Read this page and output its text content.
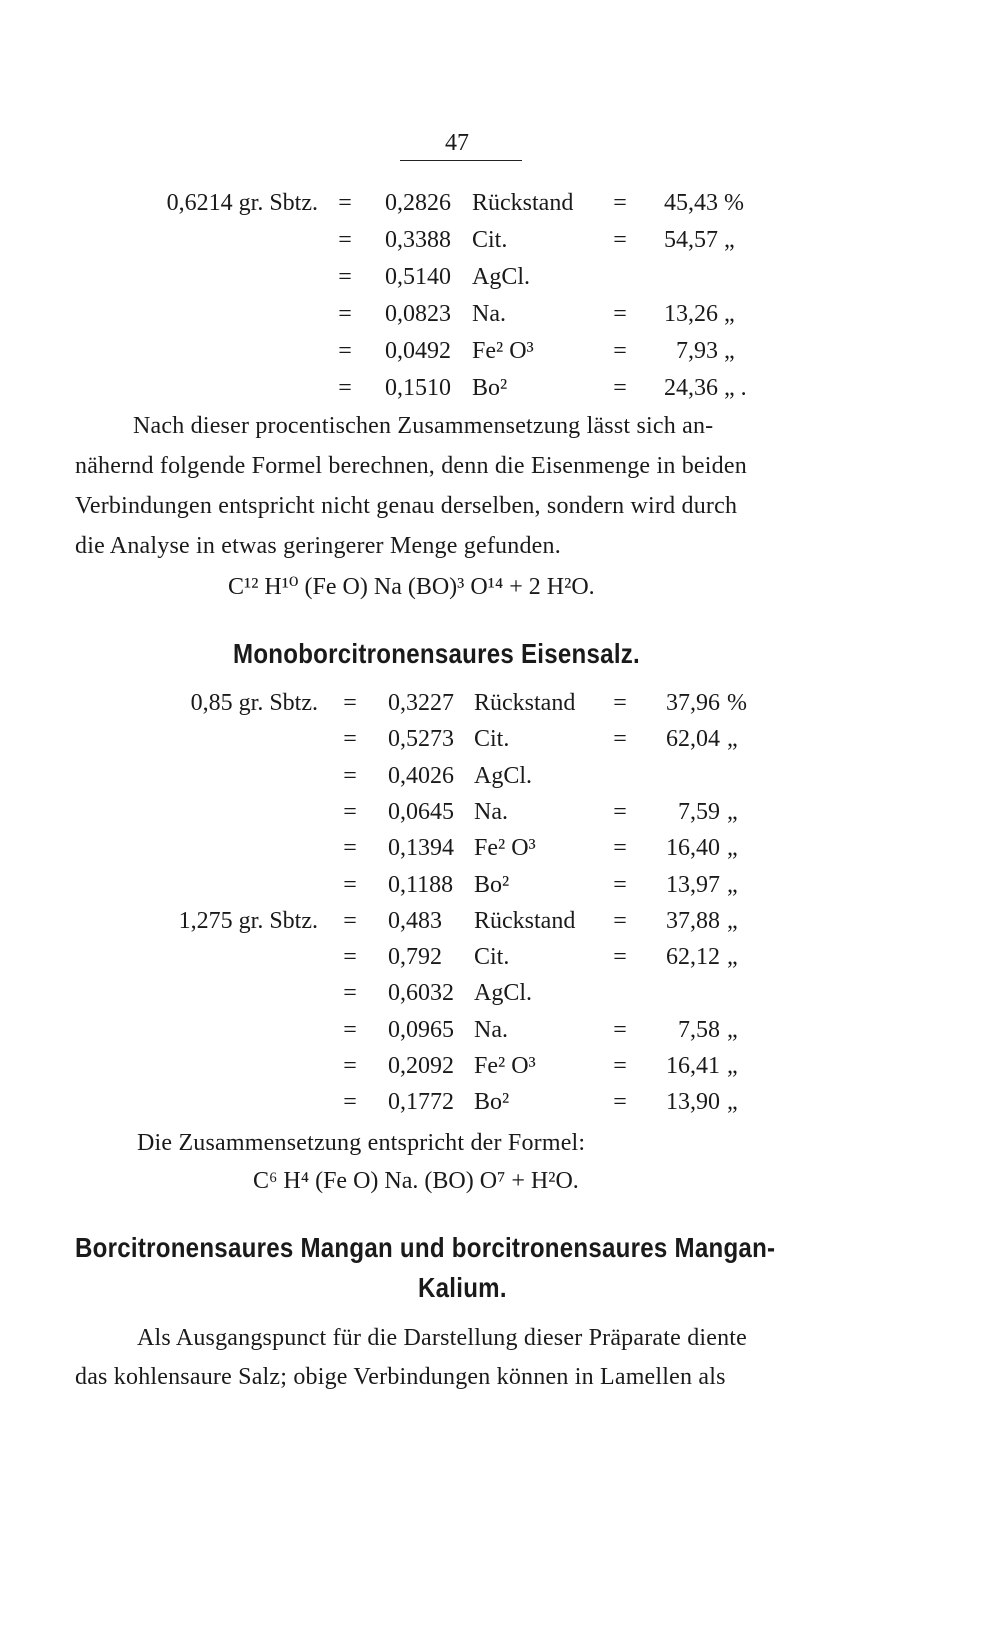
47
0,6214 gr. Sbtz. =	0,2826 Rückstand	=	45,43 %
=	0,3388 Cit.	=	54,57 „
=	0,5140 AgCl.
=	0,0823 Na.	=	13,26 „
=	0,0492 Fe² O³	=	7,93 „
=	0,1510 Bo²	=	24,36 „ .
Nach dieser procentischen Zusammensetzung lässt sich an-
nähernd folgende Formel berechnen, denn die Eisenmenge in beiden
Verbindungen entspricht nicht genau derselben, sondern wird durch
die Analyse in etwas geringerer Menge gefunden.
C¹² H¹⁰ (Fe O) Na (BO)³ O¹⁴ + 2 H²O.
Monoborcitronensaures Eisensalz.
0,85 gr. Sbtz.	=	0,3227 Rückstand	=	37,96 %
=	0,5273 Cit.	=	62,04 „
=	0,4026 AgCl.
=	0,0645 Na.	=	7,59 „
=	0,1394 Fe² O³	=	16,40 „
=	0,1188 Bo²	=	13,97 „
1,275 gr. Sbtz.	=	0,483 Rückstand	=	37,88 „
=	0,792 Cit.	=	62,12 „
=	0,6032 AgCl.
=	0,0965 Na.	=	7,58 „
=	0,2092 Fe² O³	=	16,41 „
=	0,1772 Bo²	=	13,90 „
Die Zusammensetzung entspricht der Formel:
C⁶ H⁴ (Fe O) Na. (BO) O⁷ + H²O.
Borcitronensaures Mangan und borcitronensaures Mangan-
Kalium.
Als Ausgangspunct für die Darstellung dieser Präparate diente
das kohlensaure Salz; obige Verbindungen können in Lamellen als
